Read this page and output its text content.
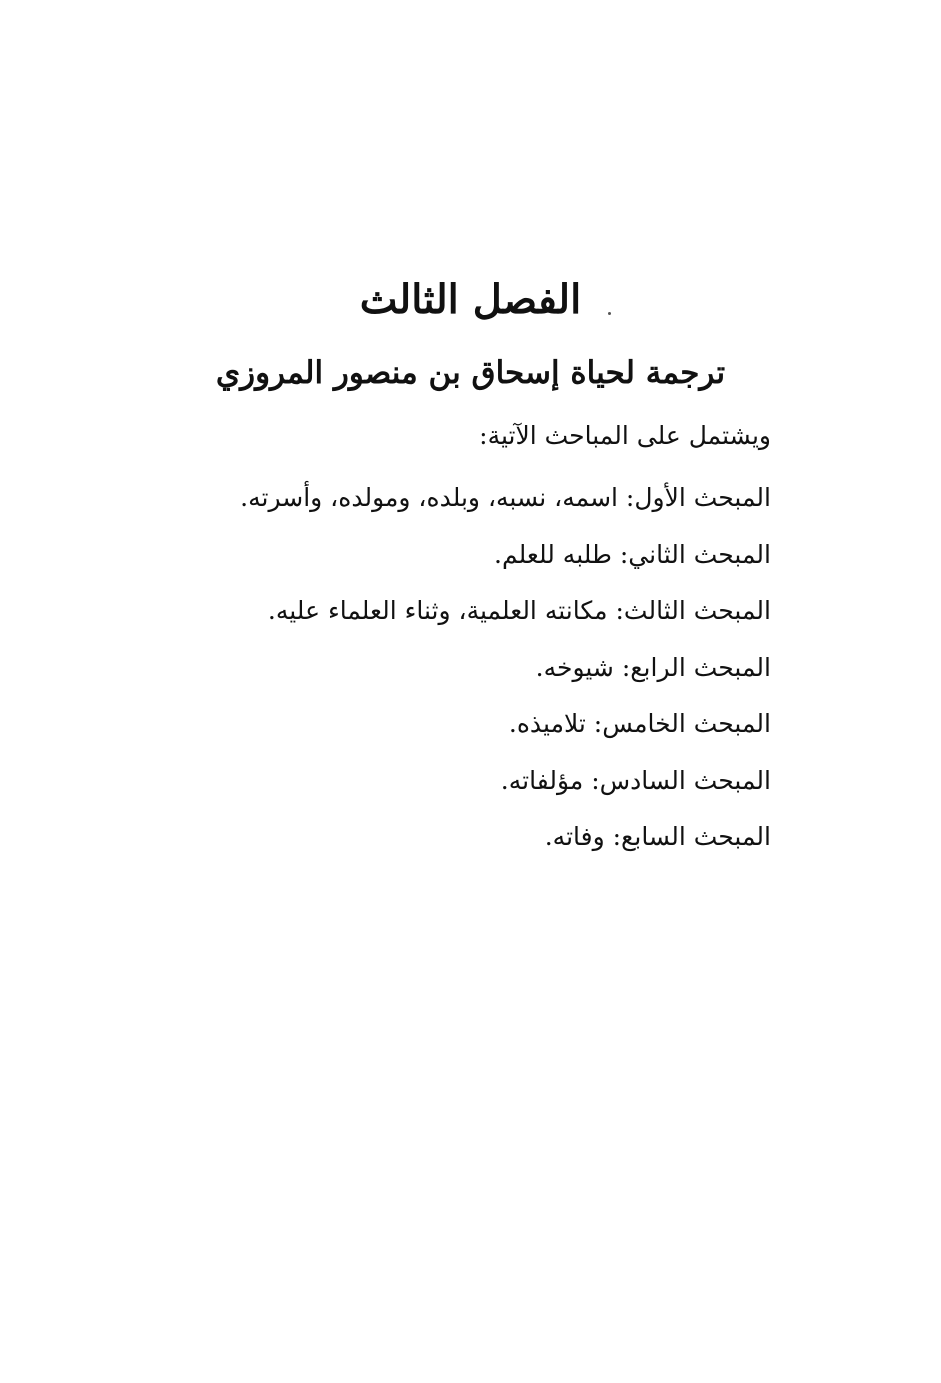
الفصل الثالث
ترجمة لحياة إسحاق بن منصور المروزي

ويشتمل على المباحث الآتية:

المبحث الأول: اسمه، نسبه، وبلده، ومولده، وأسرته.
المبحث الثاني: طلبه للعلم.
المبحث الثالث: مكانته العلمية، وثناء العلماء عليه.
المبحث الرابع: شيوخه.
المبحث الخامس: تلاميذه.
المبحث السادس: مؤلفاته.
المبحث السابع: وفاته.
